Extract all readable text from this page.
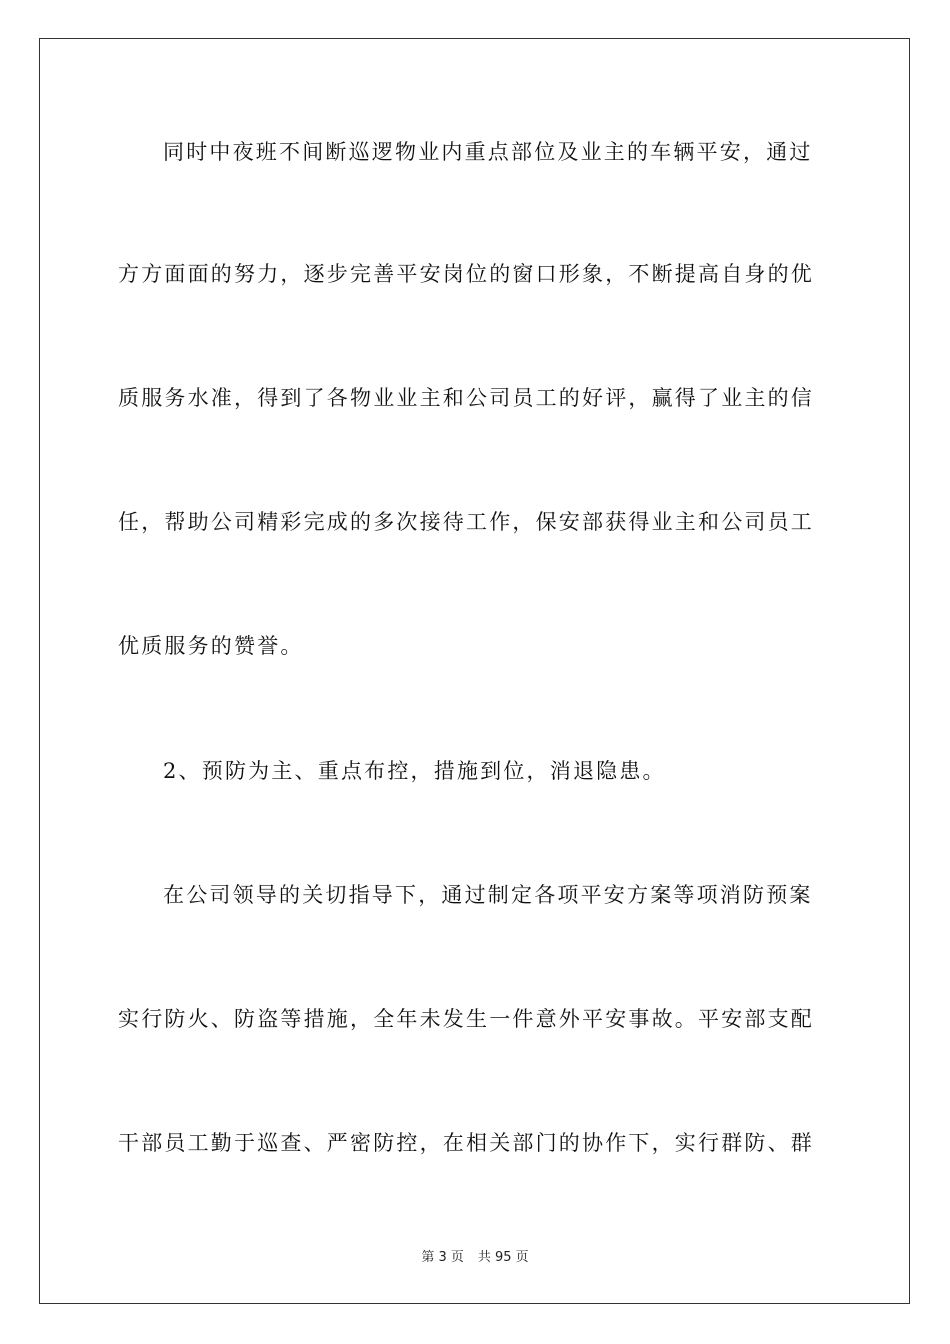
同时中夜班不间断巡逻物业内重点部位及业主的车辆平安，通过
方方面面的努力，逐步完善平安岗位的窗口形象，不断提高自身的优
质服务水准，得到了各物业业主和公司员工的好评，赢得了业主的信
任，帮助公司精彩完成的多次接待工作，保安部获得业主和公司员工
优质服务的赞誉。
2、预防为主、重点布控，措施到位，消退隐患。
在公司领导的关切指导下，通过制定各项平安方案等项消防预案
实行防火、防盗等措施，全年未发生一件意外平安事故。平安部支配
干部员工勤于巡查、严密防控，在相关部门的协作下，实行群防、群
第 3 页 共 95 页
